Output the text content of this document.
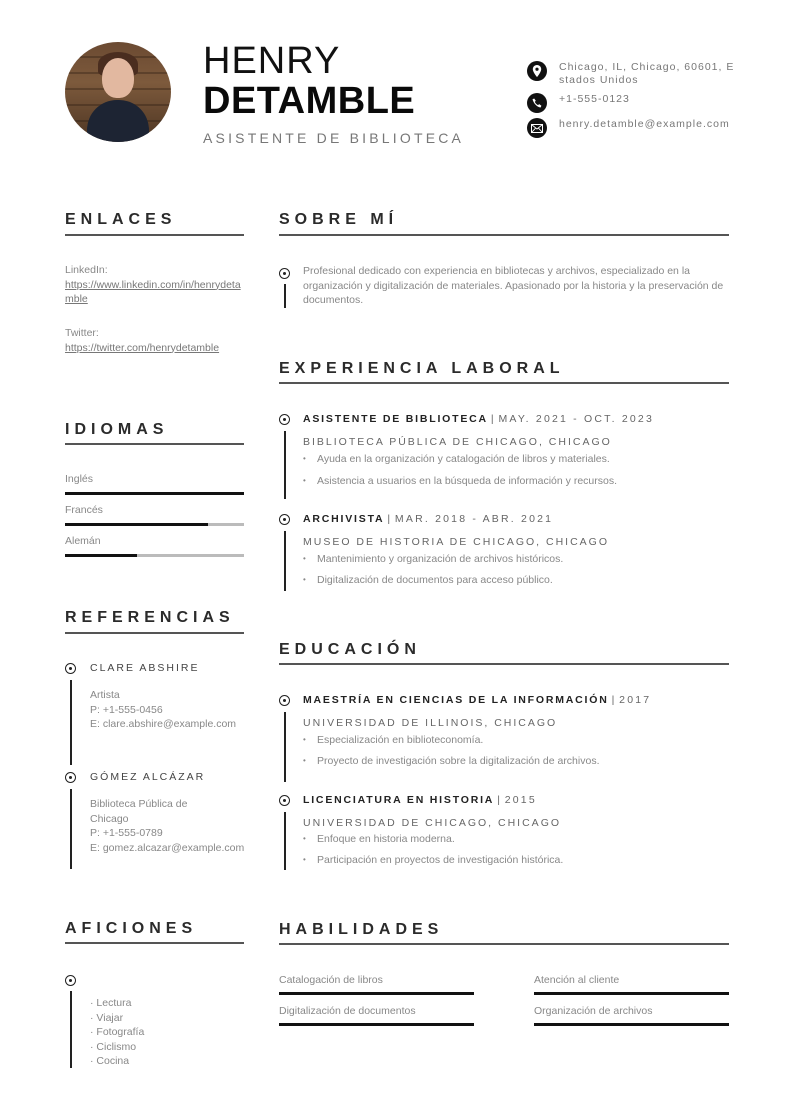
HENRY
DETAMBLE
ASISTENTE DE BIBLIOTECA
Chicago, IL, Chicago, 60601, Estados Unidos
+1-555-0123
henry.detamble@example.com
ENLACES
LinkedIn:
https://www.linkedin.com/in/henrydetamble
Twitter:
https://twitter.com/henrydetamble
IDIOMAS
Inglés
Francés
Alemán
REFERENCIAS
CLARE ABSHIRE
Artista
P: +1-555-0456
E: clare.abshire@example.com
GÓMEZ ALCÁZAR
Biblioteca Pública de Chicago
P: +1-555-0789
E: gomez.alcazar@example.com
AFICIONES
· Lectura
· Viajar
· Fotografía
· Ciclismo
· Cocina
SOBRE MÍ
Profesional dedicado con experiencia en bibliotecas y archivos, especializado en la organización y digitalización de materiales. Apasionado por la historia y la preservación de documentos.
EXPERIENCIA LABORAL
ASISTENTE DE BIBLIOTECA | MAY. 2021 - OCT. 2023
BIBLIOTECA PÚBLICA DE CHICAGO, CHICAGO
• Ayuda en la organización y catalogación de libros y materiales.
• Asistencia a usuarios en la búsqueda de información y recursos.
ARCHIVISTA | MAR. 2018 - ABR. 2021
MUSEO DE HISTORIA DE CHICAGO, CHICAGO
• Mantenimiento y organización de archivos históricos.
• Digitalización de documentos para acceso público.
EDUCACIÓN
MAESTRÍA EN CIENCIAS DE LA INFORMACIÓN | 2017
UNIVERSIDAD DE ILLINOIS, CHICAGO
• Especialización en biblioteconomía.
• Proyecto de investigación sobre la digitalización de archivos.
LICENCIATURA EN HISTORIA | 2015
UNIVERSIDAD DE CHICAGO, CHICAGO
• Enfoque en historia moderna.
• Participación en proyectos de investigación histórica.
HABILIDADES
Catalogación de libros	Atención al cliente
Digitalización de documentos	Organización de archivos
